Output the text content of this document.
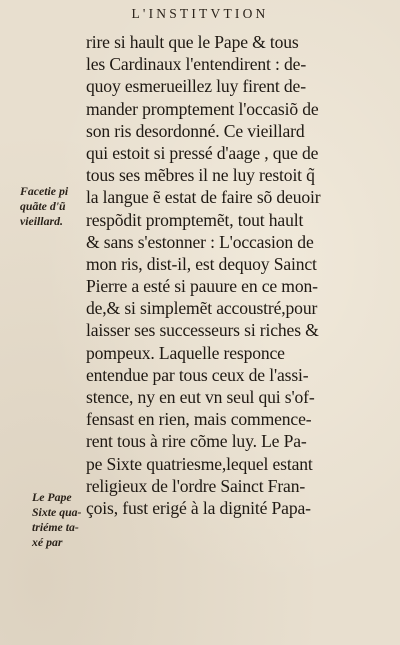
L'INSTITVTION
rire si hault que le Pape & tous
les Cardinaux l'entendirent : de-
quoy esmerueillez luy firent de-
mander promptement l'occasiõ de
son ris desordonné. Ce vieillard
qui estoit si pressé d'aage , que de
tous ses mẽbres il ne luy restoit q̃
la langue ẽ estat de faire sõ deuoir
respõdit promptemẽt, tout hault
& sans s'estonner : L'occasion de
mon ris, dist-il, est dequoy Sainct
Pierre a esté si pauure en ce mon-
de,& si simplemẽt accoustré,pour
laisser ses successeurs si riches &
pompeux. Laquelle responce
entendue par tous ceux de l'assi-
stence, ny en eut vn seul qui s'of-
fensast en rien, mais commence-
rent tous à rire cõme luy. Le Pa-
pe Sixte quatriesme,lequel estant
religieux de l'ordre Sainct Fran-
çois, fust erigé à la dignité Papa-
Facetie pi
quãte d'ũ
vieillard.
Le Pape
Sixte qua-
triéme ta-
xé par
